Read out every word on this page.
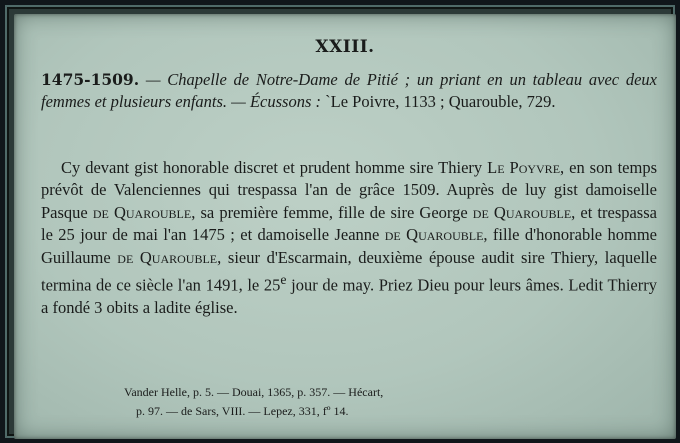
XXIII.
1475-1509. — Chapelle de Notre-Dame de Pitié ; un priant en un tableau avec deux femmes et plusieurs enfants. — Écussons : `Le Poivre, 1133 ; Quarouble, 729.
Cy devant gist honorable discret et prudent homme sire Thiery Le Poyvre, en son temps prévôt de Valenciennes qui trespassa l'an de grâce 1509. Auprès de luy gist damoiselle Pasque de Quarouble, sa première femme, fille de sire George de Quarouble, et trespassa le 25 jour de mai l'an 1475 ; et damoiselle Jeanne de Quarouble, fille d'honorable homme Guillaume de Quarouble, sieur d'Escarmain, deuxième épouse audit sire Thiery, laquelle termina de ce siècle l'an 1491, le 25e jour de may. Priez Dieu pour leurs âmes. Ledit Thierry a fondé 3 obits a ladite église.
Vander Helle, p. 5. — Douai, 1365, p. 357. — Hécart,
p. 97. — de Sars, VIII. — Lepez, 331, fº 14.
